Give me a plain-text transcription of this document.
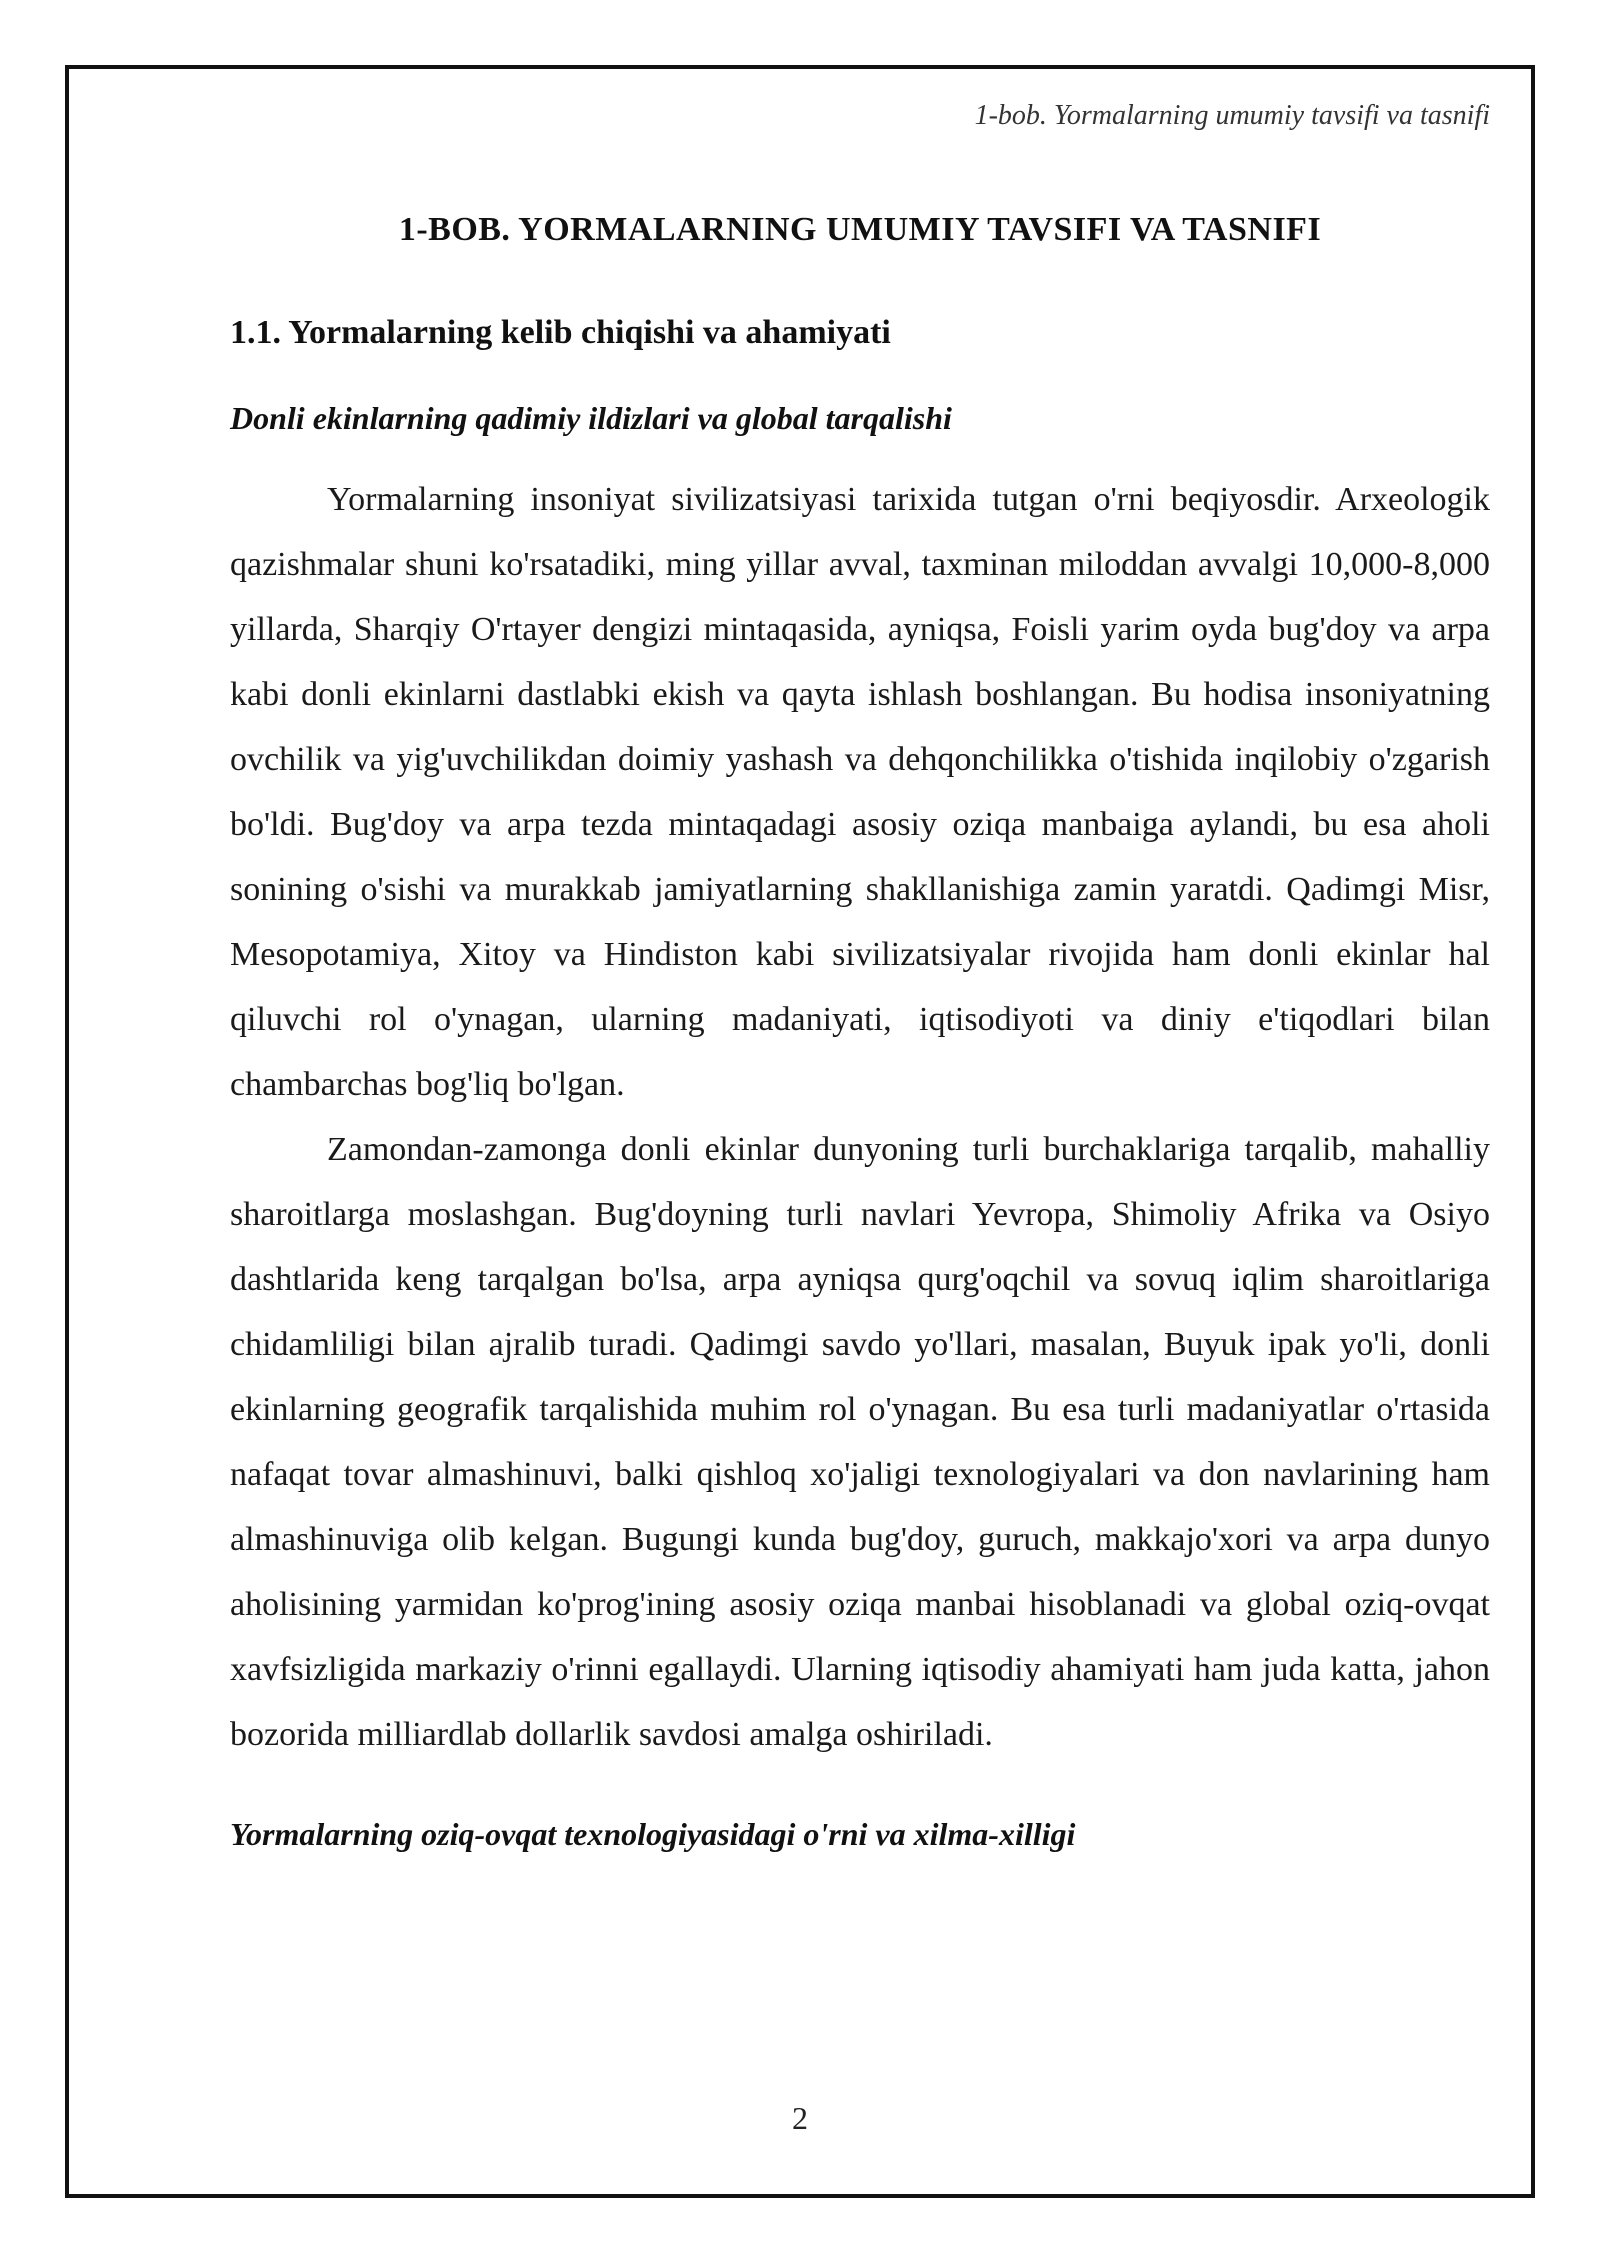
1-bob. Yormalarning umumiy tavsifi va tasnifi
1-BOB. YORMALARNING UMUMIY TAVSIFI VA TASNIFI
1.1. Yormalarning kelib chiqishi va ahamiyati
Donli ekinlarning qadimiy ildizlari va global tarqalishi

Yormalarning insoniyat sivilizatsiyasi tarixida tutgan o'rni beqiyosdir. Arxeologik qazishmalar shuni ko'rsatadiki, ming yillar avval, taxminan miloddan avvalgi 10,000-8,000 yillarda, Sharqiy O'rtayer dengizi mintaqasida, ayniqsa, Foisli yarim oyda bug'doy va arpa kabi donli ekinlarni dastlabki ekish va qayta ishlash boshlangan. Bu hodisa insoniyatning ovchilik va yig'uvchilikdan doimiy yashash va dehqonchilikka o'tishida inqilobiy o'zgarish bo'ldi. Bug'doy va arpa tezda mintaqadagi asosiy oziqa manbaiga aylandi, bu esa aholi sonining o'sishi va murakkab jamiyatlarning shakllanishiga zamin yaratdi. Qadimgi Misr, Mesopotamiya, Xitoy va Hindiston kabi sivilizatsiyalar rivojida ham donli ekinlar hal qiluvchi rol o'ynagan, ularning madaniyati, iqtisodiyoti va diniy e'tiqodlari bilan chambarchas bog'liq bo'lgan.

Zamondan-zamonga donli ekinlar dunyoning turli burchaklariga tarqalib, mahalliy sharoitlarga moslashgan. Bug'doyning turli navlari Yevropa, Shimoliy Afrika va Osiyo dashtlarida keng tarqalgan bo'lsa, arpa ayniqsa qurg'oqchil va sovuq iqlim sharoitlariga chidamliligi bilan ajralib turadi. Qadimgi savdo yo'llari, masalan, Buyuk ipak yo'li, donli ekinlarning geografik tarqalishida muhim rol o'ynagan. Bu esa turli madaniyatlar o'rtasida nafaqat tovar almashinuvi, balki qishloq xo'jaligi texnologiyalari va don navlarining ham almashinuviga olib kelgan. Bugungi kunda bug'doy, guruch, makkajo'xori va arpa dunyo aholisining yarmidan ko'prog'ining asosiy oziqa manbai hisoblanadi va global oziq-ovqat xavfsizligida markaziy o'rinni egallaydi. Ularning iqtisodiy ahamiyati ham juda katta, jahon bozorida milliardlab dollarlik savdosi amalga oshiriladi.

Yormalarning oziq-ovqat texnologiyasidagi o'rni va xilma-xilligi
2
